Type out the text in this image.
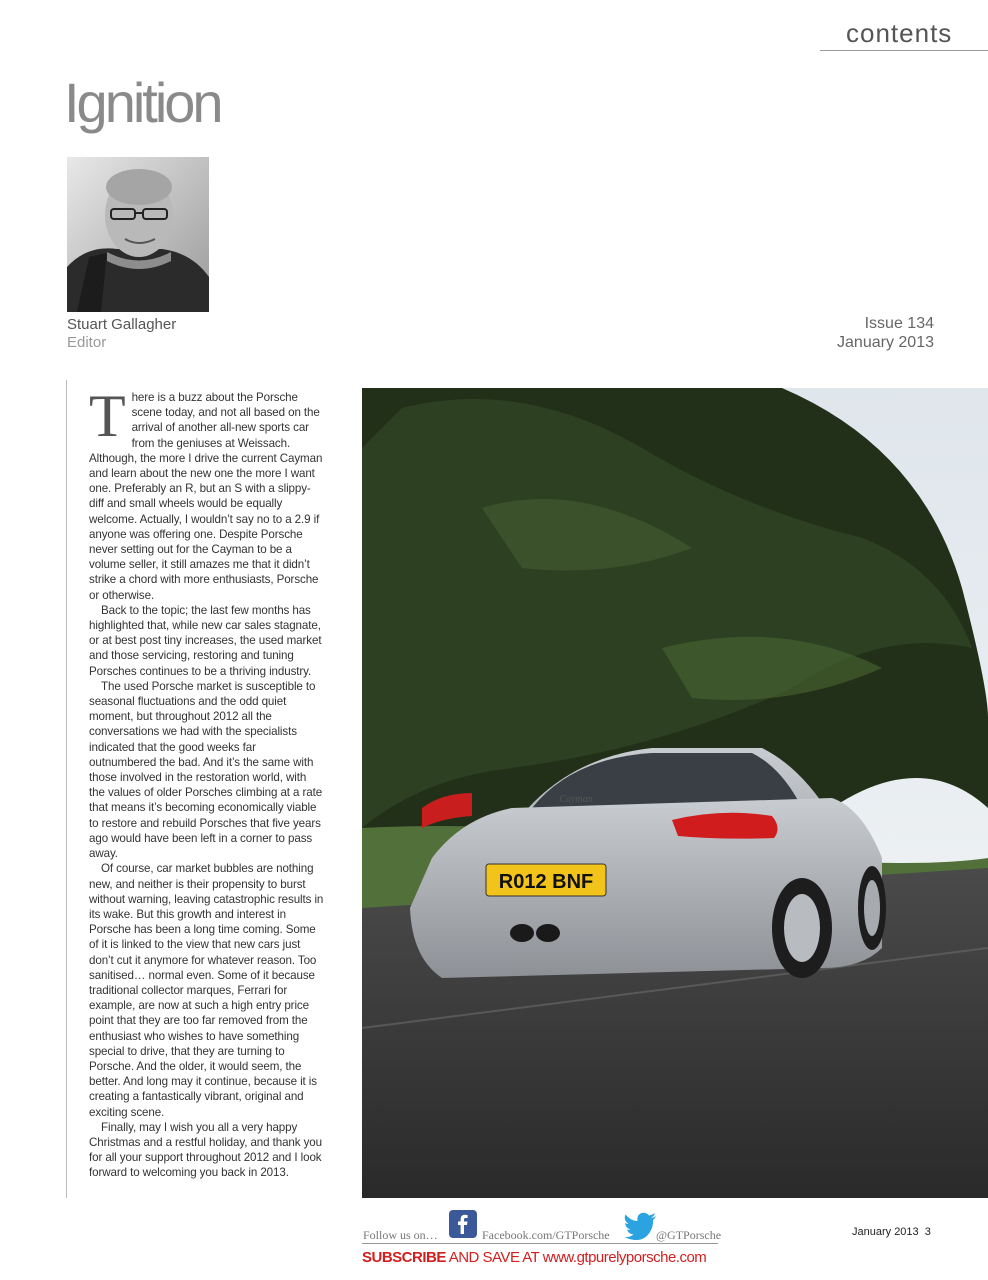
contents
Ignition
Stuart Gallagher
Editor
Issue 134
January 2013

There is a buzz about the Porsche scene today, and not all based on the arrival of another all-new sports car from the geniuses at Weissach. Although, the more I drive the current Cayman and learn about the new one the more I want one. Preferably an R, but an S with a slippy-diff and small wheels would be equally welcome. Actually, I wouldn’t say no to a 2.9 if anyone was offering one. Despite Porsche never setting out for the Cayman to be a volume seller, it still amazes me that it didn’t strike a chord with more enthusiasts, Porsche or otherwise.

Back to the topic; the last few months has highlighted that, while new car sales stagnate, or at best post tiny increases, the used market and those servicing, restoring and tuning Porsches continues to be a thriving industry.

The used Porsche market is susceptible to seasonal fluctuations and the odd quiet moment, but throughout 2012 all the conversations we had with the specialists indicated that the good weeks far outnumbered the bad. And it’s the same with those involved in the restoration world, with the values of older Porsches climbing at a rate that means it’s becoming economically viable to restore and rebuild Porsches that five years ago would have been left in a corner to pass away.

Of course, car market bubbles are nothing new, and neither is their propensity to burst without warning, leaving catastrophic results in its wake. But this growth and interest in Porsche has been a long time coming. Some of it is linked to the view that new cars just don’t cut it anymore for whatever reason. Too sanitised… normal even. Some of it because traditional collector marques, Ferrari for example, are now at such a high entry price point that they are too far removed from the enthusiast who wishes to have something special to drive, that they are turning to Porsche. And the older, it would seem, the better. And long may it continue, because it is creating a fantastically vibrant, original and exciting scene.

Finally, may I wish you all a very happy Christmas and a restful holiday, and thank you for all your support throughout 2012 and I look forward to welcoming you back in 2013.

R012 BNF
Cayman
Follow us on…	Facebook.com/GTPorsche	@GTPorsche
SUBSCRIBE AND SAVE AT www.gtpurelyporsche.com
January 2013 3
